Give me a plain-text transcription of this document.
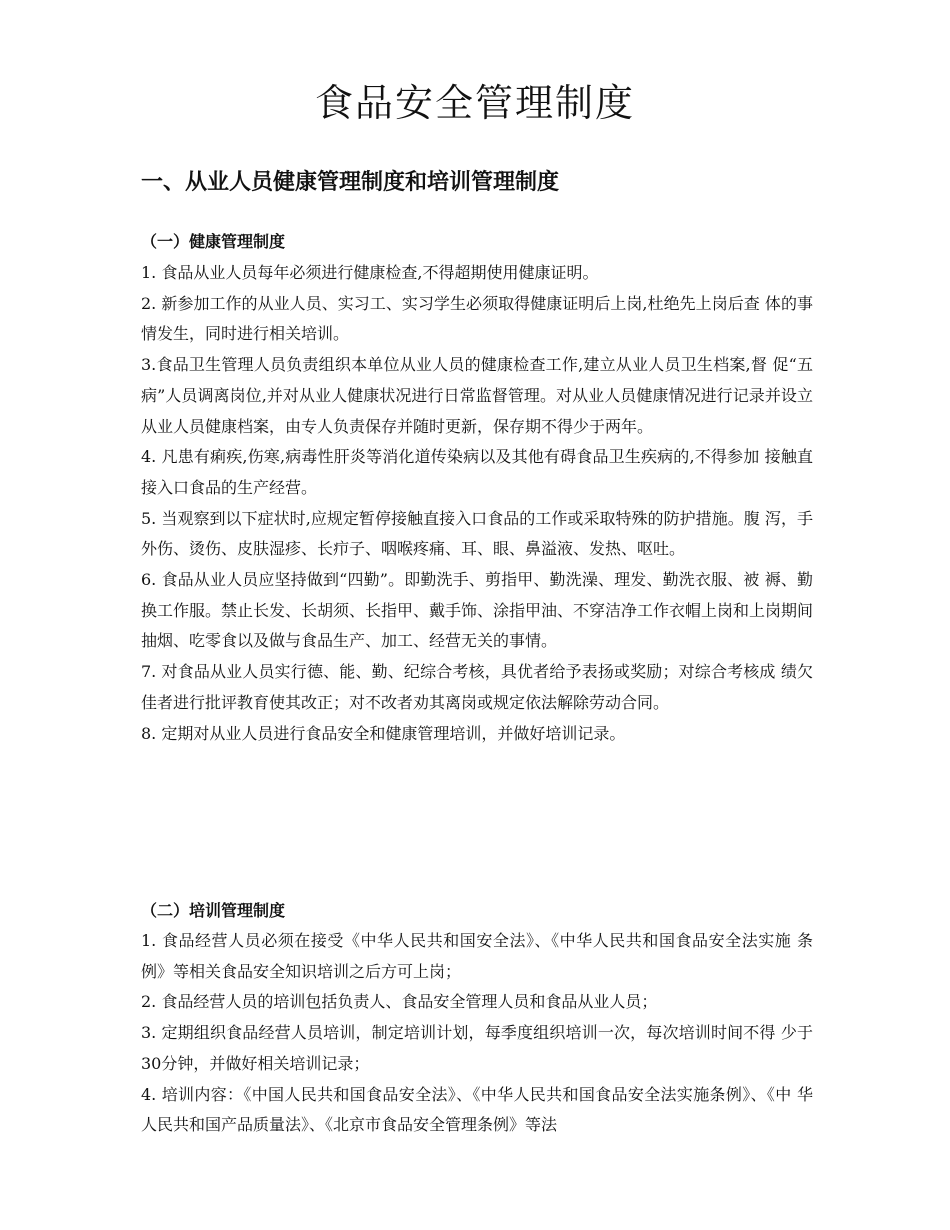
食品安全管理制度
一、从业人员健康管理制度和培训管理制度
（一）健康管理制度

1. 食品从业人员每年必须进行健康检查,不得超期使用健康证明。

2. 新参加工作的从业人员、实习工、实习学生必须取得健康证明后上岗,杜绝先上岗后查 体的事情发生，同时进行相关培训。

3.食品卫生管理人员负责组织本单位从业人员的健康检查工作,建立从业人员卫生档案,督 促“五病”人员调离岗位,并对从业人健康状况进行日常监督管理。对从业人员健康情况进行记录并设立从业人员健康档案，由专人负责保存并随时更新，保存期不得少于两年。

4. 凡患有痢疾,伤寒,病毒性肝炎等消化道传染病以及其他有碍食品卫生疾病的,不得参加 接触直接入口食品的生产经营。

5. 当观察到以下症状时,应规定暂停接触直接入口食品的工作或采取特殊的防护措施。腹 泻，手外伤、烫伤、皮肤湿疹、长疖子、咽喉疼痛、耳、眼、鼻溢液、发热、呕吐。

6. 食品从业人员应坚持做到“四勤”。即勤洗手、剪指甲、勤洗澡、理发、勤洗衣服、被 褥、勤换工作服。禁止长发、长胡须、长指甲、戴手饰、涂指甲油、不穿洁净工作衣帽上岗和上岗期间抽烟、吃零食以及做与食品生产、加工、经营无关的事情。

7. 对食品从业人员实行德、能、勤、纪综合考核，具优者给予表扬或奖励；对综合考核成 绩欠佳者进行批评教育使其改正；对不改者劝其离岗或规定依法解除劳动合同。

8. 定期对从业人员进行食品安全和健康管理培训，并做好培训记录。

（二）培训管理制度

1. 食品经营人员必须在接受《中华人民共和国安全法》、《中华人民共和国食品安全法实施 条例》等相关食品安全知识培训之后方可上岗；

2. 食品经营人员的培训包括负责人、食品安全管理人员和食品从业人员；

3. 定期组织食品经营人员培训，制定培训计划，每季度组织培训一次，每次培训时间不得 少于30分钟，并做好相关培训记录；

4. 培训内容：《中国人民共和国食品安全法》、《中华人民共和国食品安全法实施条例》、《中 华人民共和国产品质量法》、《北京市食品安全管理条例》等法
